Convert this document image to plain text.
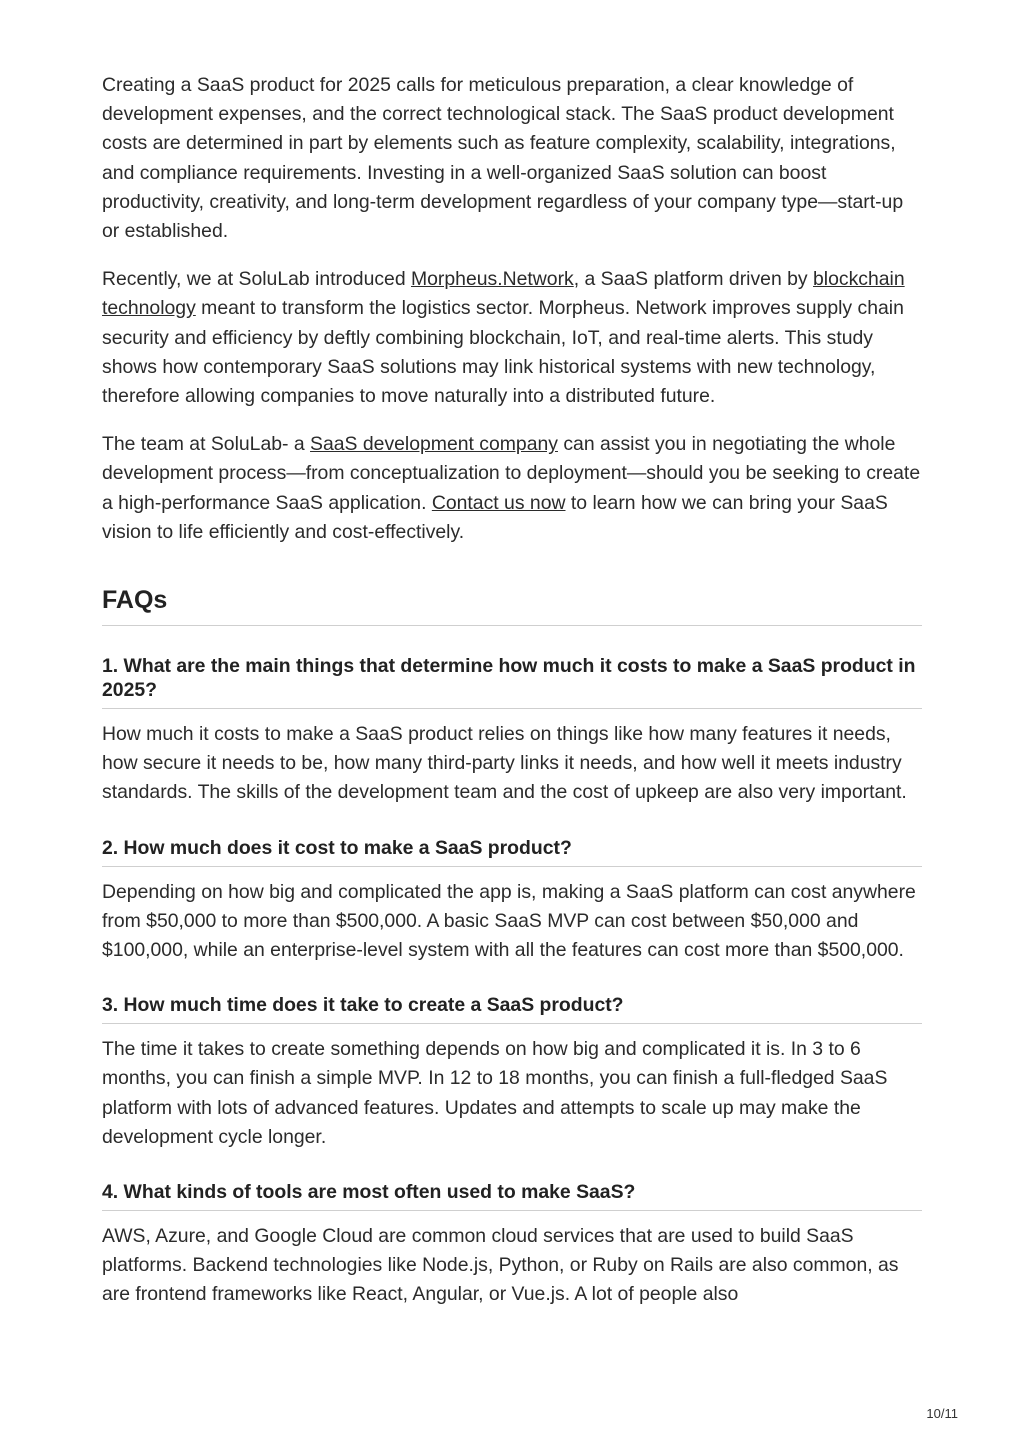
Creating a SaaS product for 2025 calls for meticulous preparation, a clear knowledge of development expenses, and the correct technological stack. The SaaS product development costs are determined in part by elements such as feature complexity, scalability, integrations, and compliance requirements. Investing in a well-organized SaaS solution can boost productivity, creativity, and long-term development regardless of your company type—start-up or established.

Recently, we at SoluLab introduced Morpheus.Network, a SaaS platform driven by blockchain technology meant to transform the logistics sector. Morpheus. Network improves supply chain security and efficiency by deftly combining blockchain, IoT, and real-time alerts. This study shows how contemporary SaaS solutions may link historical systems with new technology, therefore allowing companies to move naturally into a distributed future.

The team at SoluLab- a SaaS development company can assist you in negotiating the whole development process—from conceptualization to deployment—should you be seeking to create a high-performance SaaS application. Contact us now to learn how we can bring your SaaS vision to life efficiently and cost-effectively.

FAQs
1. What are the main things that determine how much it costs to make a SaaS product in 2025?

How much it costs to make a SaaS product relies on things like how many features it needs, how secure it needs to be, how many third-party links it needs, and how well it meets industry standards. The skills of the development team and the cost of upkeep are also very important.

2. How much does it cost to make a SaaS product?

Depending on how big and complicated the app is, making a SaaS platform can cost anywhere from $50,000 to more than $500,000. A basic SaaS MVP can cost between $50,000 and $100,000, while an enterprise-level system with all the features can cost more than $500,000.

3. How much time does it take to create a SaaS product?

The time it takes to create something depends on how big and complicated it is. In 3 to 6 months, you can finish a simple MVP. In 12 to 18 months, you can finish a full-fledged SaaS platform with lots of advanced features. Updates and attempts to scale up may make the development cycle longer.

4. What kinds of tools are most often used to make SaaS?

AWS, Azure, and Google Cloud are common cloud services that are used to build SaaS platforms. Backend technologies like Node.js, Python, or Ruby on Rails are also common, as are frontend frameworks like React, Angular, or Vue.js. A lot of people also

10/11
